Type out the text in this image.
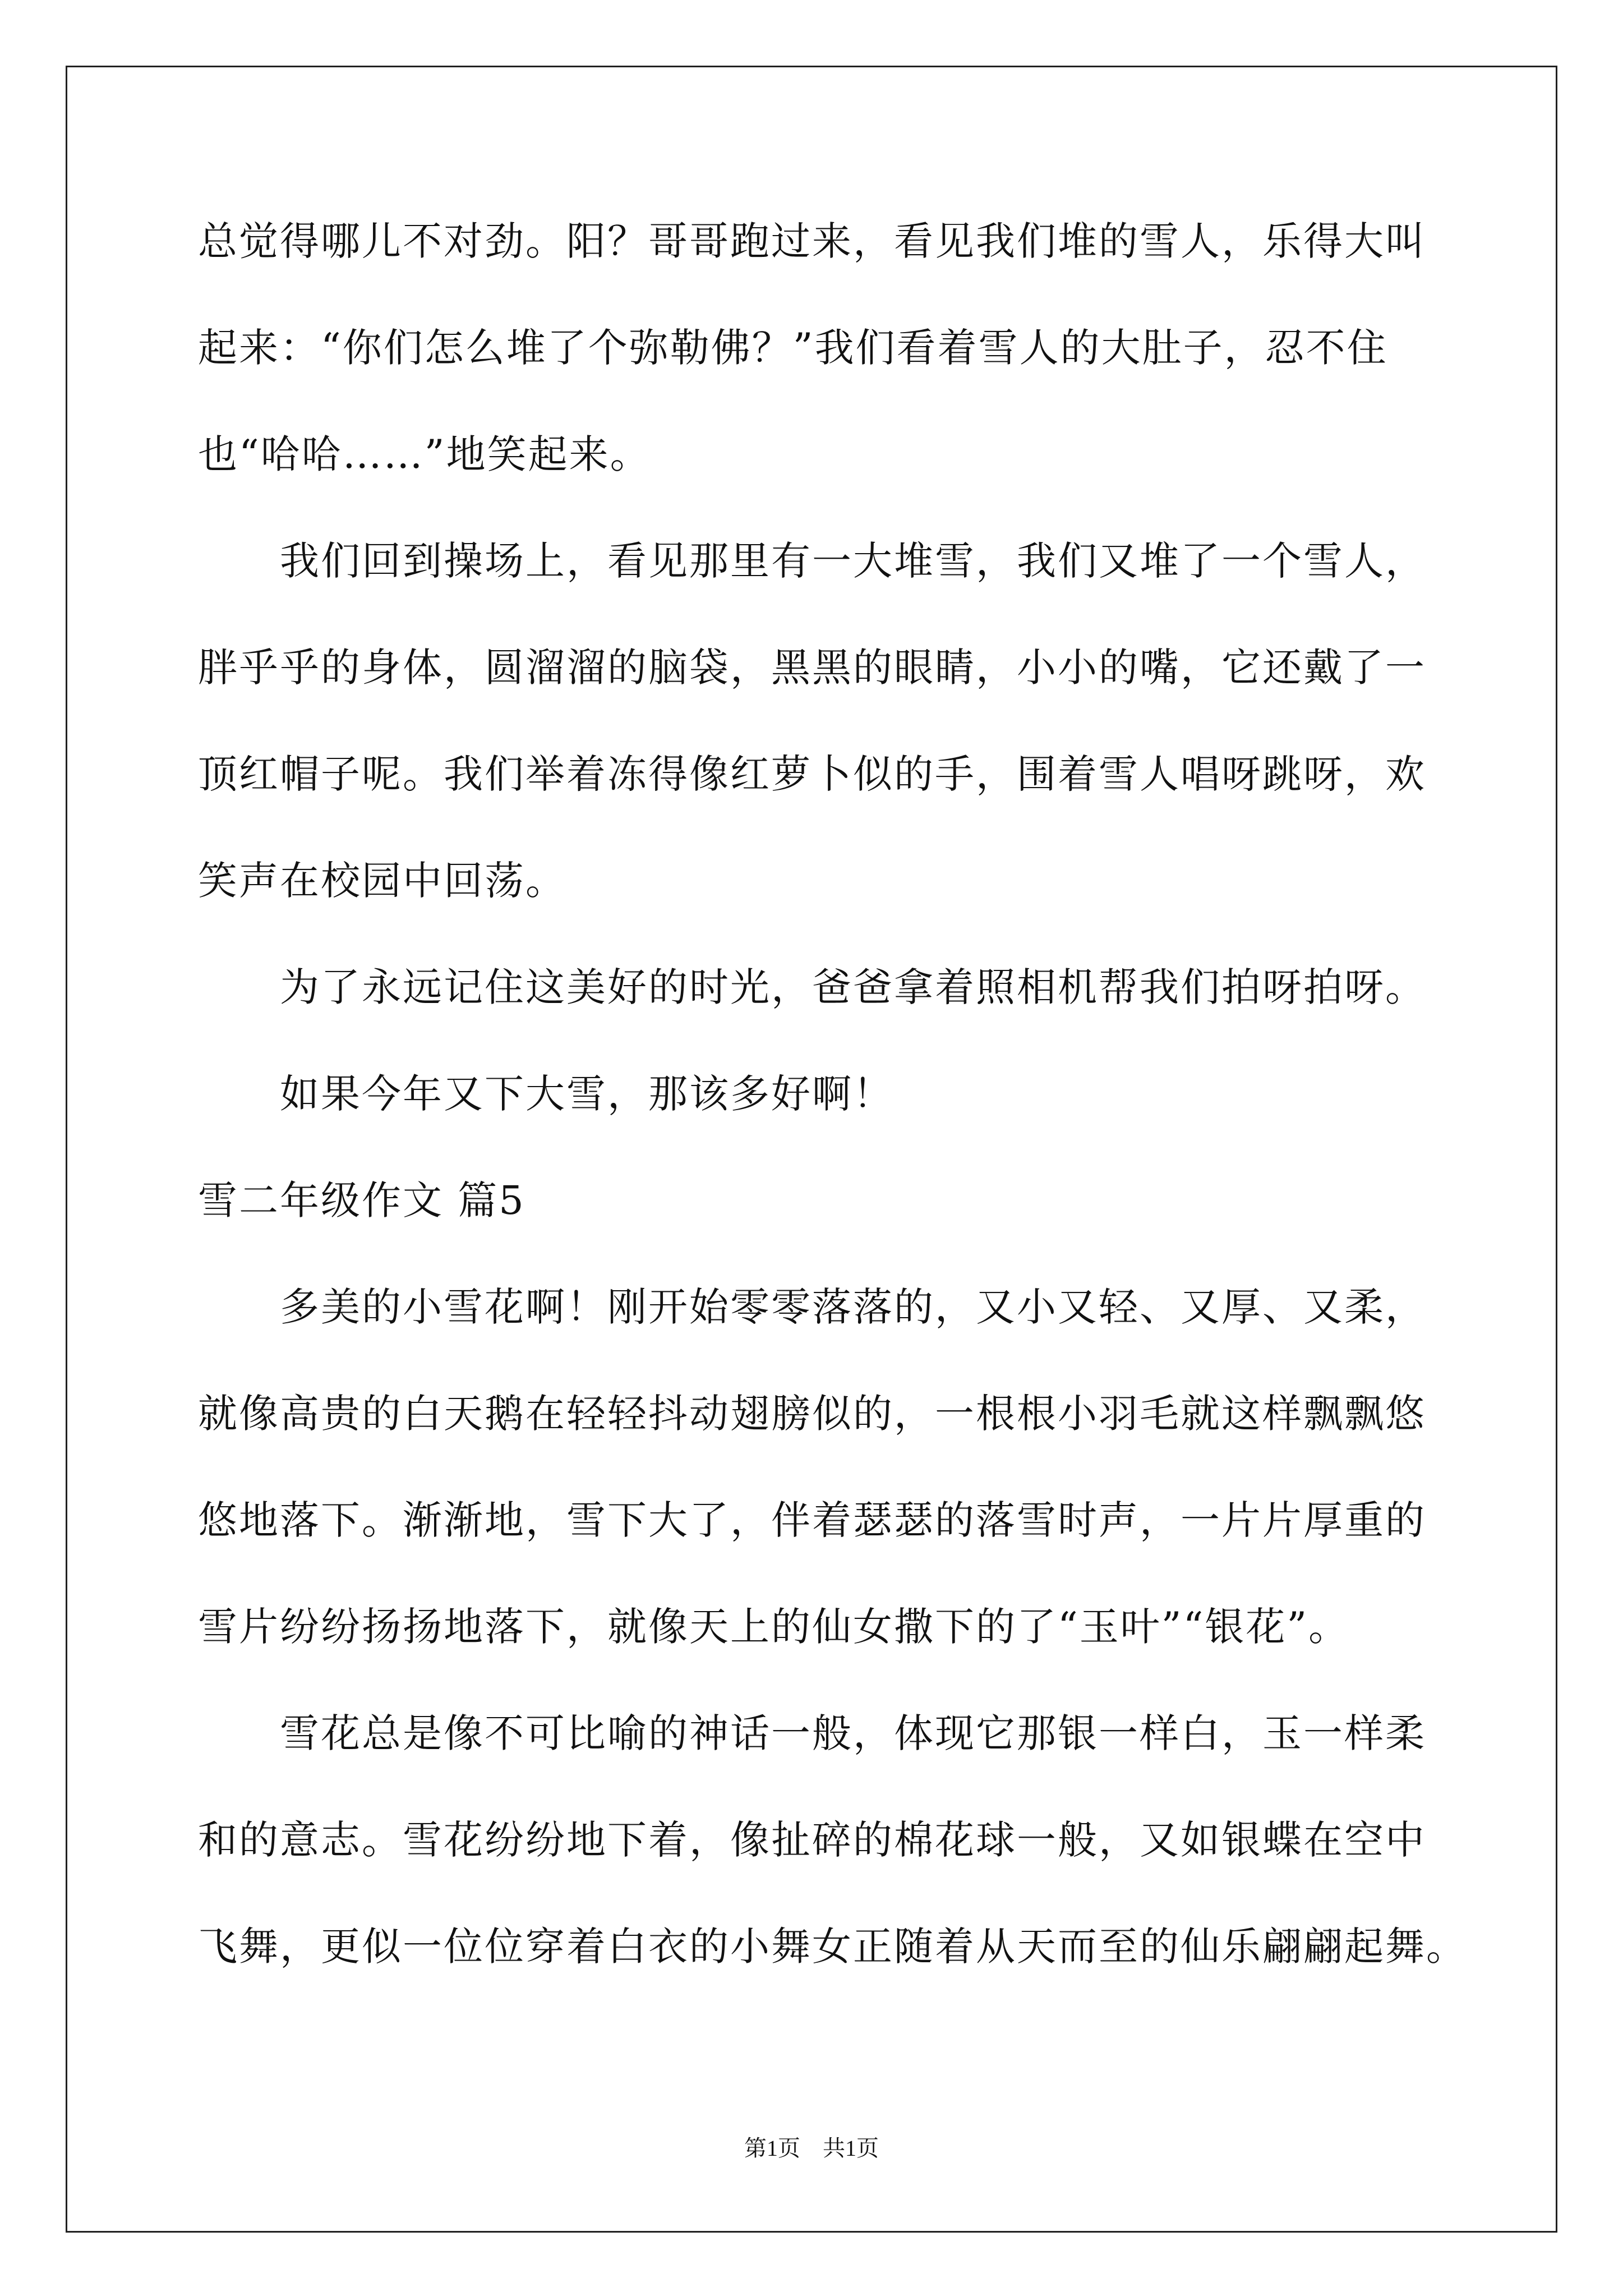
总觉得哪儿不对劲。阳？哥哥跑过来，看见我们堆的雪人，乐得大叫
起来：“你们怎么堆了个弥勒佛？”我们看着雪人的大肚子，忍不住
也“哈哈……”地笑起来。
我们回到操场上，看见那里有一大堆雪，我们又堆了一个雪人，
胖乎乎的身体，圆溜溜的脑袋，黑黑的眼睛，小小的嘴，它还戴了一
顶红帽子呢。我们举着冻得像红萝卜似的手，围着雪人唱呀跳呀，欢
笑声在校园中回荡。
为了永远记住这美好的时光，爸爸拿着照相机帮我们拍呀拍呀。
如果今年又下大雪，那该多好啊！
雪二年级作文 篇5
多美的小雪花啊！刚开始零零落落的，又小又轻、又厚、又柔，
就像高贵的白天鹅在轻轻抖动翅膀似的，一根根小羽毛就这样飘飘悠
悠地落下。渐渐地，雪下大了，伴着瑟瑟的落雪时声，一片片厚重的
雪片纷纷扬扬地落下，就像天上的仙女撒下的了“玉叶”“银花”。
雪花总是像不可比喻的神话一般，体现它那银一样白，玉一样柔
和的意志。雪花纷纷地下着，像扯碎的棉花球一般，又如银蝶在空中
飞舞，更似一位位穿着白衣的小舞女正随着从天而至的仙乐翩翩起舞。
第1页 共1页
